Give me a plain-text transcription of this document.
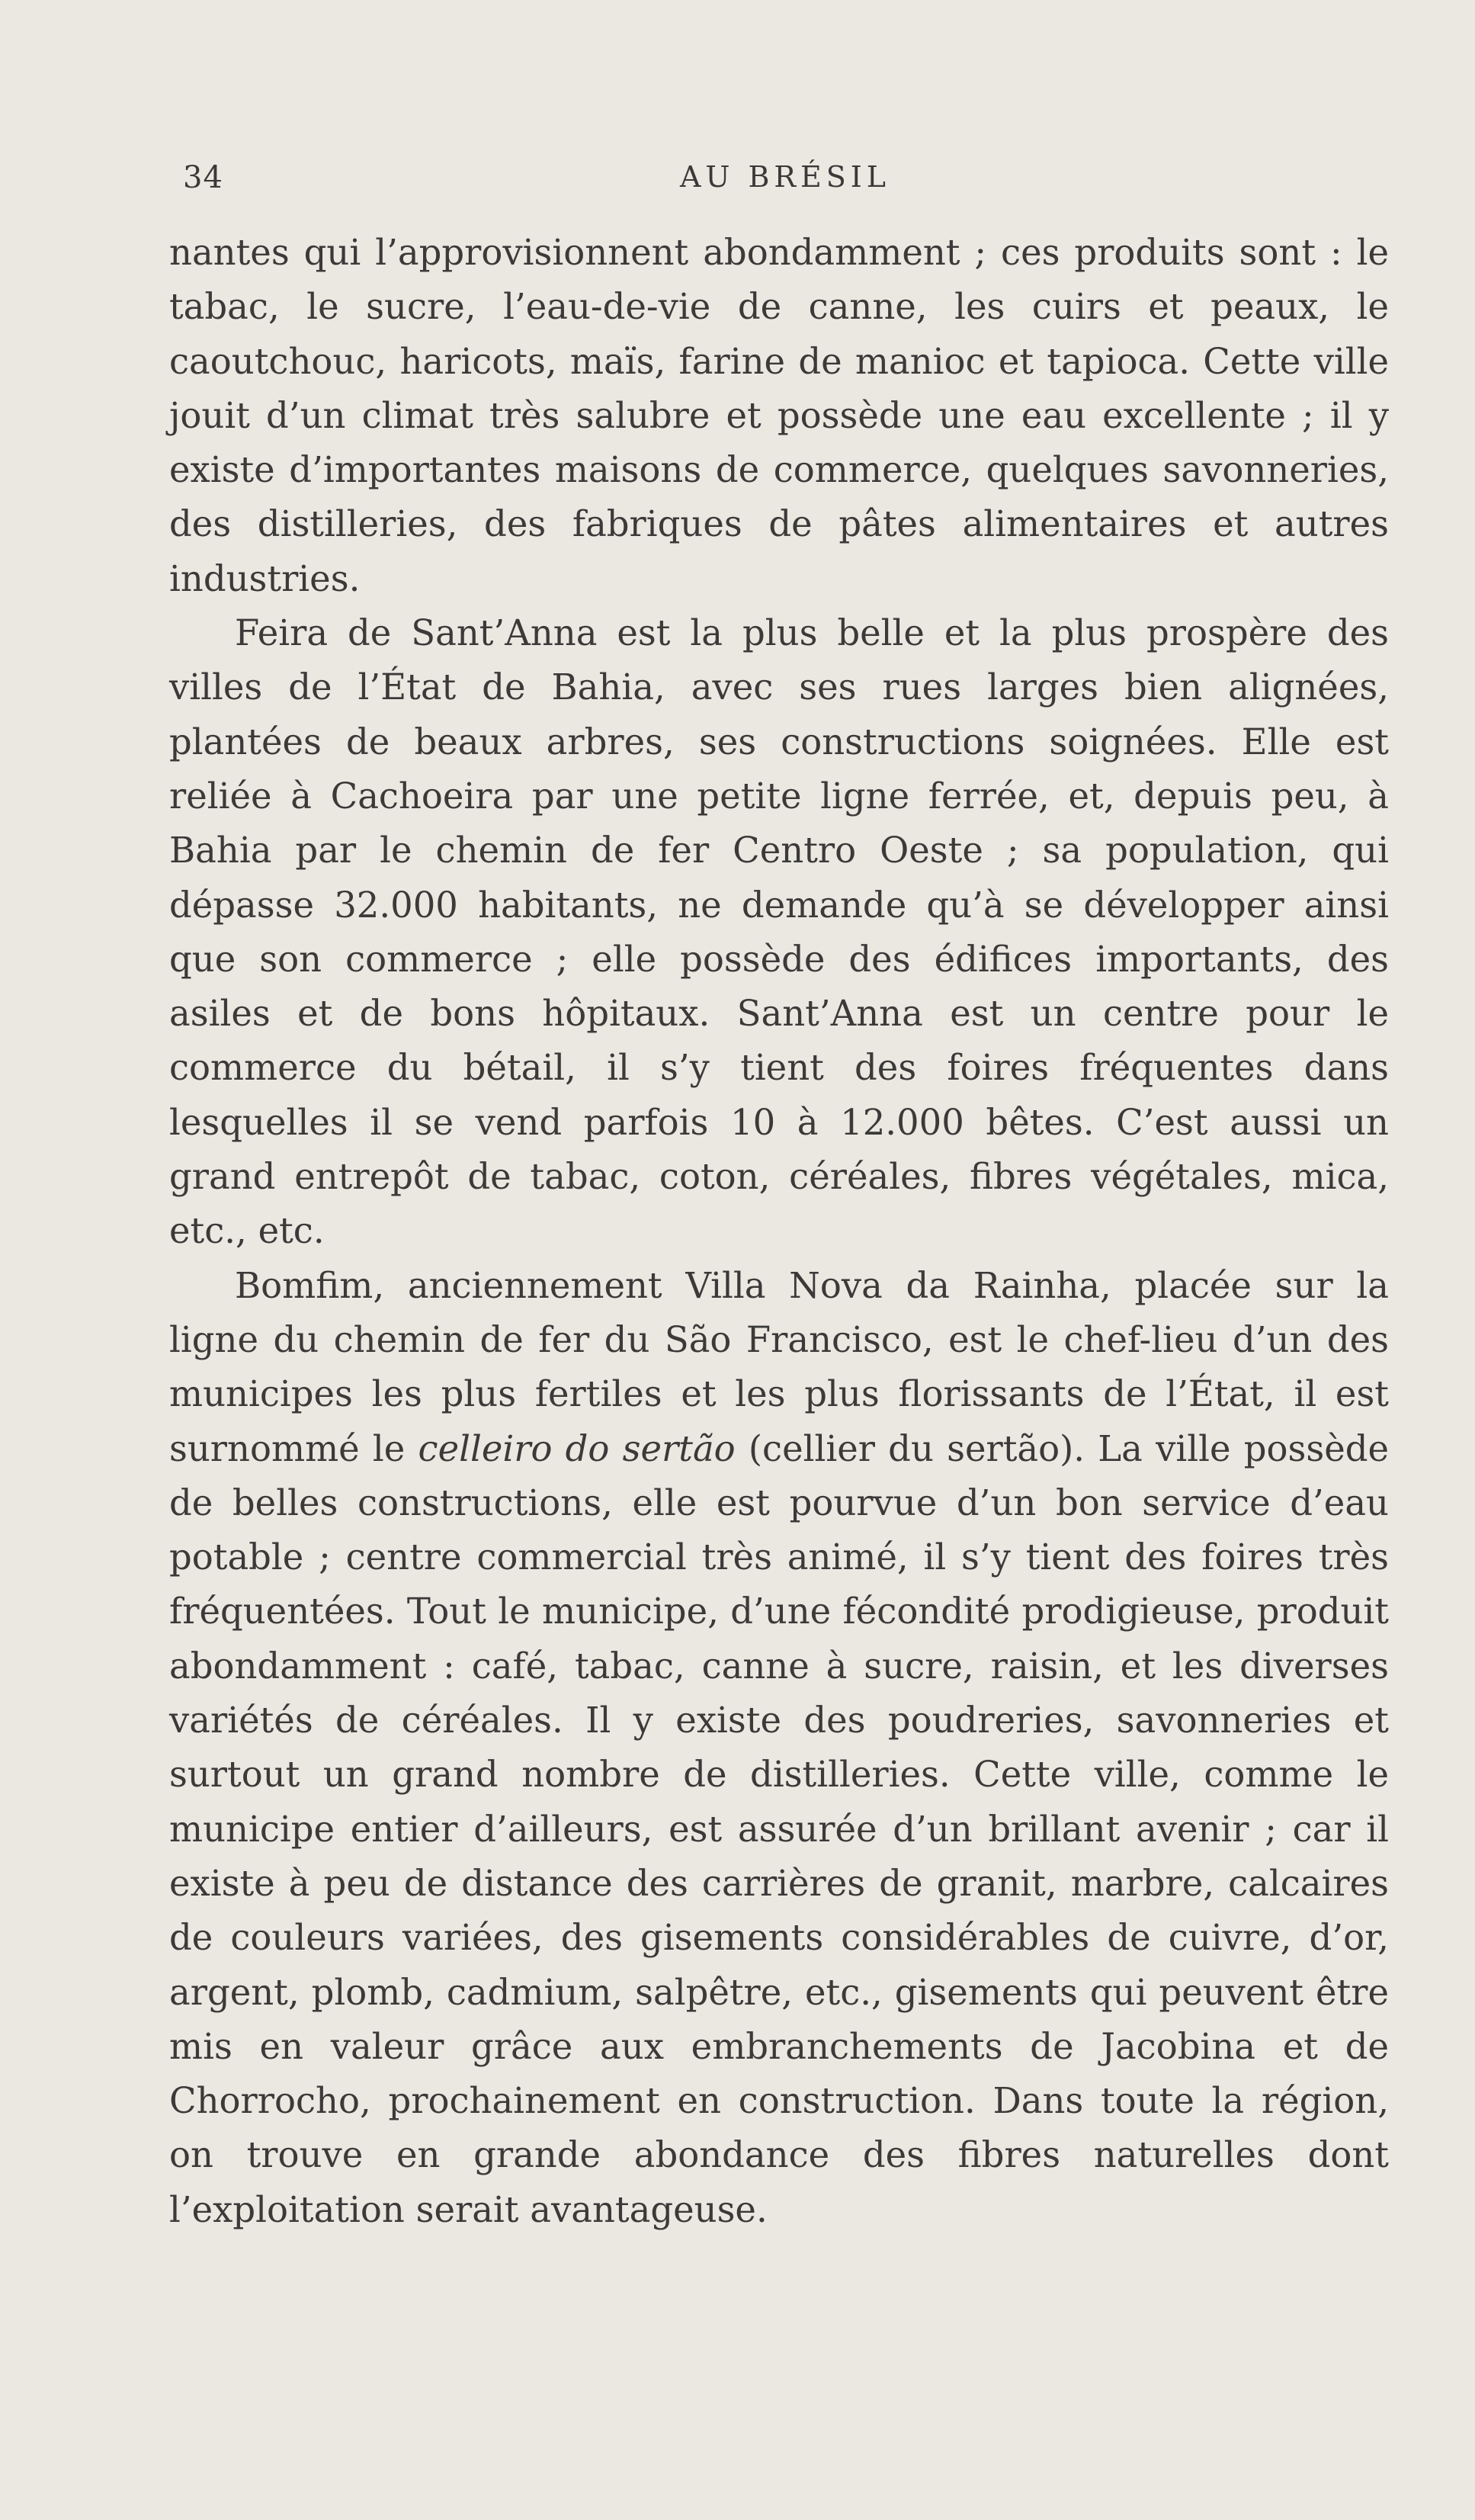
34	AU BRÉSIL

nantes qui l’approvisionnent abondamment ; ces produits sont : le tabac, le sucre, l’eau-de-vie de canne, les cuirs et peaux, le caoutchouc, haricots, maïs, farine de manioc et tapioca. Cette ville jouit d’un climat très salubre et possède une eau excellente ; il y existe d’importantes maisons de commerce, quelques savonneries, des distilleries, des fabriques de pâtes alimentaires et autres industries.

Feira de Sant’Anna est la plus belle et la plus prospère des villes de l’État de Bahia, avec ses rues larges bien alignées, plantées de beaux arbres, ses constructions soignées. Elle est reliée à Cachoeira par une petite ligne ferrée, et, depuis peu, à Bahia par le chemin de fer Centro Oeste ; sa population, qui dépasse 32.000 habitants, ne demande qu’à se développer ainsi que son commerce ; elle possède des édifices importants, des asiles et de bons hôpitaux. Sant’Anna est un centre pour le commerce du bétail, il s’y tient des foires fréquentes dans lesquelles il se vend parfois 10 à 12.000 bêtes. C’est aussi un grand entrepôt de tabac, coton, céréales, fibres végétales, mica, etc., etc.

Bomfim, anciennement Villa Nova da Rainha, placée sur la ligne du chemin de fer du São Francisco, est le chef-lieu d’un des municipes les plus fertiles et les plus florissants de l’État, il est surnommé le celleiro do sertão (cellier du sertão). La ville possède de belles constructions, elle est pourvue d’un bon service d’eau potable ; centre commercial très animé, il s’y tient des foires très fréquentées. Tout le municipe, d’une fécondité prodigieuse, produit abondamment : café, tabac, canne à sucre, raisin, et les diverses variétés de céréales. Il y existe des poudreries, savonneries et surtout un grand nombre de distilleries. Cette ville, comme le municipe entier d’ailleurs, est assurée d’un brillant avenir ; car il existe à peu de distance des carrières de granit, marbre, calcaires de couleurs variées, des gisements considérables de cuivre, d’or, argent, plomb, cadmium, salpêtre, etc., gisements qui peuvent être mis en valeur grâce aux embranchements de Jacobina et de Chorrocho, prochainement en construction. Dans toute la région, on trouve en grande abondance des fibres naturelles dont l’exploitation serait avantageuse.
